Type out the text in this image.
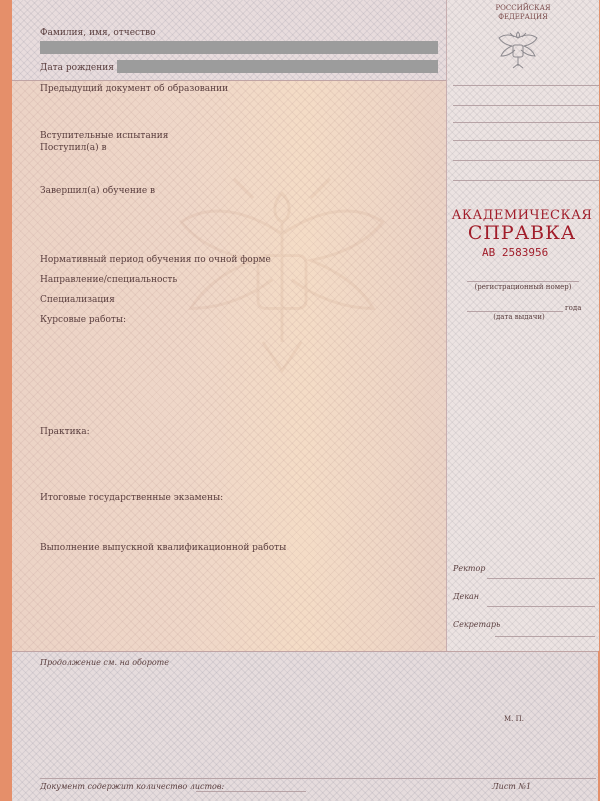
Фамилия, имя, отчество
Дата рождения
Предыдущий документ об образовании
Вступительные испытания
Поступил(а) в
Завершил(а) обучение в
Нормативный период обучения по очной форме
Направление/специальность
Специализация
Курсовые работы:
Практика:
Итоговые государственные экзамены:
Выполнение выпускной квалификационной работы
РОССИЙСКАЯ
ФЕДЕРАЦИЯ
(регистрационный номер)
года
(дата выдачи)
Ректор
Декан
Секретарь
АКАДЕМИЧЕСКАЯ
СПРАВКА
АВ 2583956
Продолжение см. на обороте
М. П.
Документ содержит количество листов:	Лист №1
